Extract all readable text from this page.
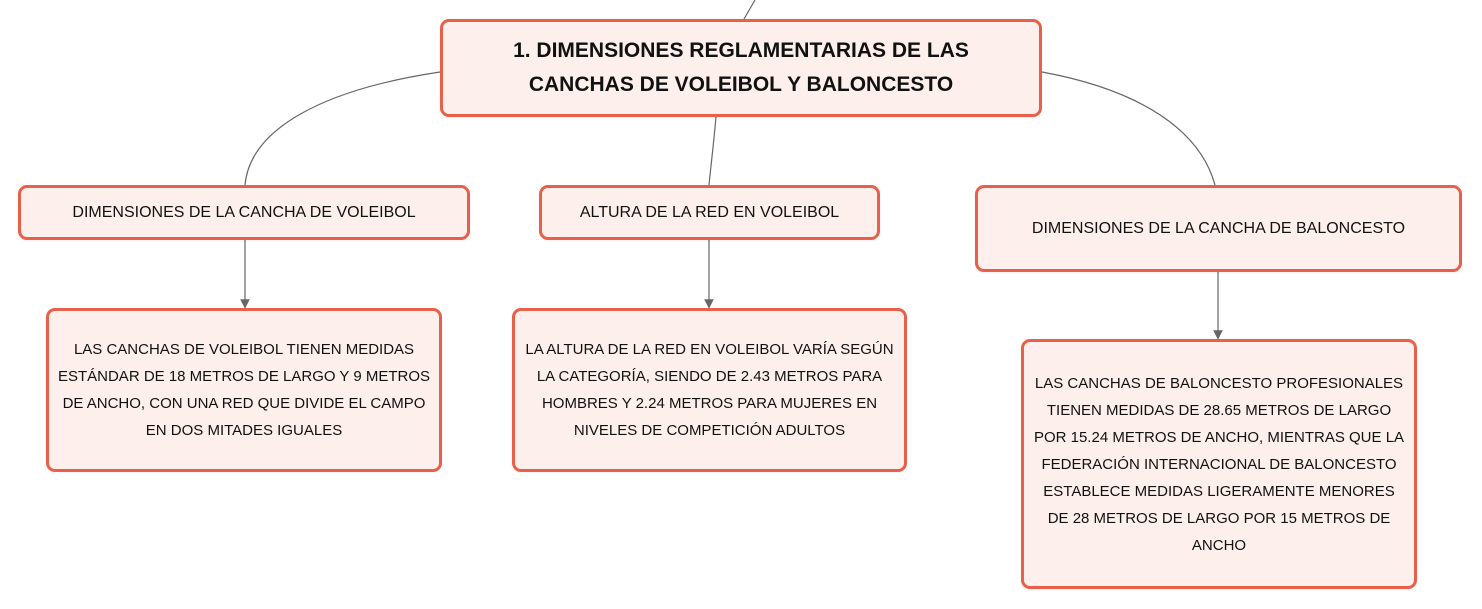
1. DIMENSIONES REGLAMENTARIAS DE LAS CANCHAS DE VOLEIBOL Y BALONCESTO
DIMENSIONES DE LA CANCHA DE VOLEIBOL	ALTURA DE LA RED EN VOLEIBOL
DIMENSIONES DE LA CANCHA DE BALONCESTO
LAS CANCHAS DE VOLEIBOL TIENEN MEDIDAS ESTÁNDAR DE 18 METROS DE LARGO Y 9 METROS DE ANCHO, CON UNA RED QUE DIVIDE EL CAMPO EN DOS MITADES IGUALES
LA ALTURA DE LA RED EN VOLEIBOL VARÍA SEGÚN LA CATEGORÍA, SIENDO DE 2.43 METROS PARA HOMBRES Y 2.24 METROS PARA MUJERES EN NIVELES DE COMPETICIÓN ADULTOS
LAS CANCHAS DE BALONCESTO PROFESIONALES TIENEN MEDIDAS DE 28.65 METROS DE LARGO POR 15.24 METROS DE ANCHO, MIENTRAS QUE LA FEDERACIÓN INTERNACIONAL DE BALONCESTO ESTABLECE MEDIDAS LIGERAMENTE MENORES DE 28 METROS DE LARGO POR 15 METROS DE ANCHO
